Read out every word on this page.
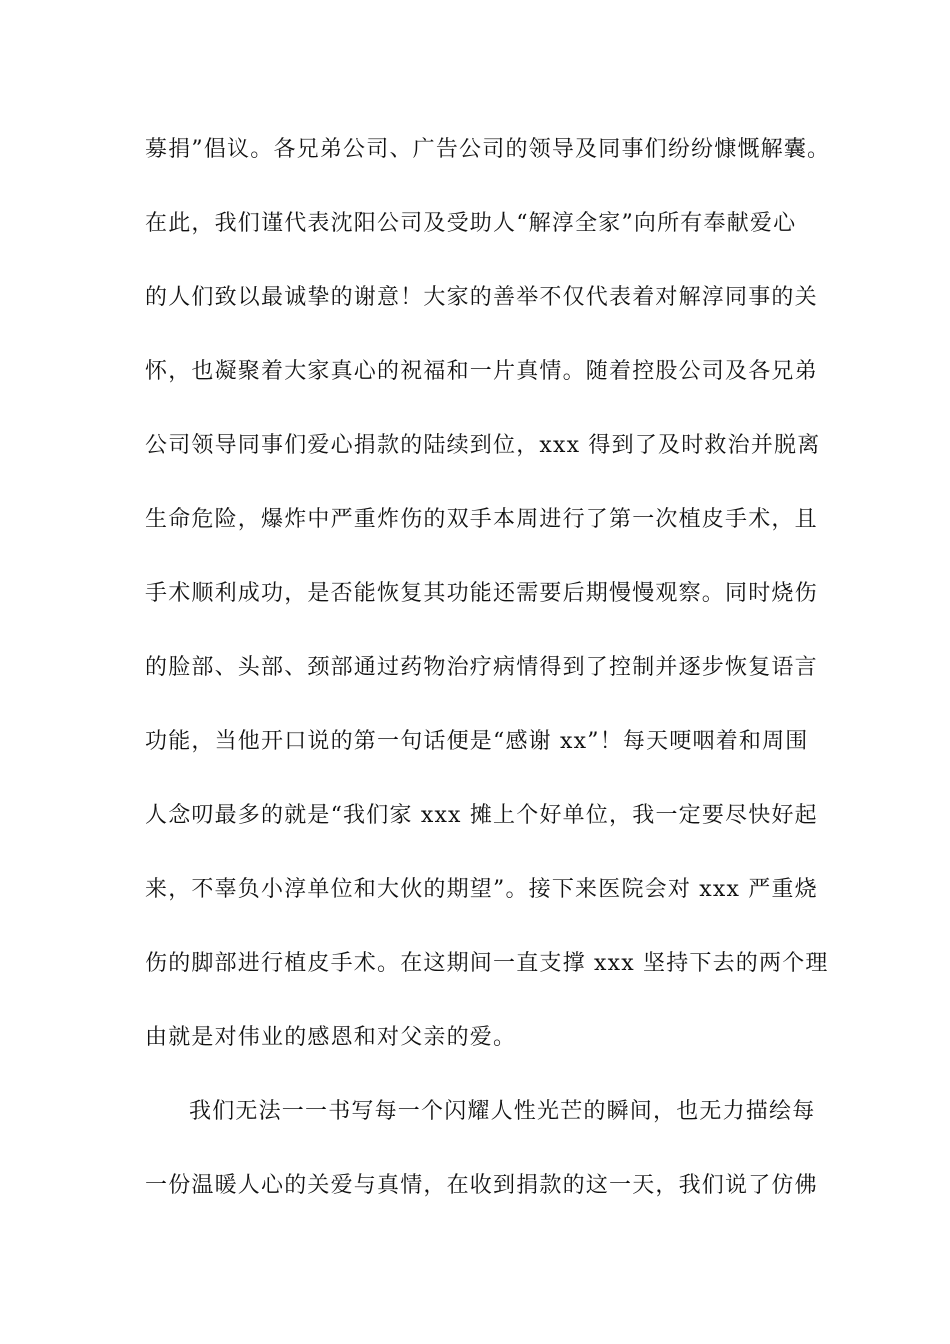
募捐”倡议。各兄弟公司、广告公司的领导及同事们纷纷慷慨解囊。
在此，我们谨代表沈阳公司及受助人“解淳全家”向所有奉献爱心
的人们致以最诚挚的谢意！大家的善举不仅代表着对解淳同事的关
怀，也凝聚着大家真心的祝福和一片真情。随着控股公司及各兄弟
公司领导同事们爱心捐款的陆续到位，xxx 得到了及时救治并脱离
生命危险，爆炸中严重炸伤的双手本周进行了第一次植皮手术，且
手术顺利成功，是否能恢复其功能还需要后期慢慢观察。同时烧伤
的脸部、头部、颈部通过药物治疗病情得到了控制并逐步恢复语言
功能，当他开口说的第一句话便是“感谢 xx”！每天哽咽着和周围
人念叨最多的就是“我们家 xxx 摊上个好单位，我一定要尽快好起
来，不辜负小淳单位和大伙的期望”。接下来医院会对 xxx 严重烧
伤的脚部进行植皮手术。在这期间一直支撑 xxx 坚持下去的两个理
由就是对伟业的感恩和对父亲的爱。
我们无法一一书写每一个闪耀人性光芒的瞬间，也无力描绘每
一份温暖人心的关爱与真情，在收到捐款的这一天，我们说了仿佛
